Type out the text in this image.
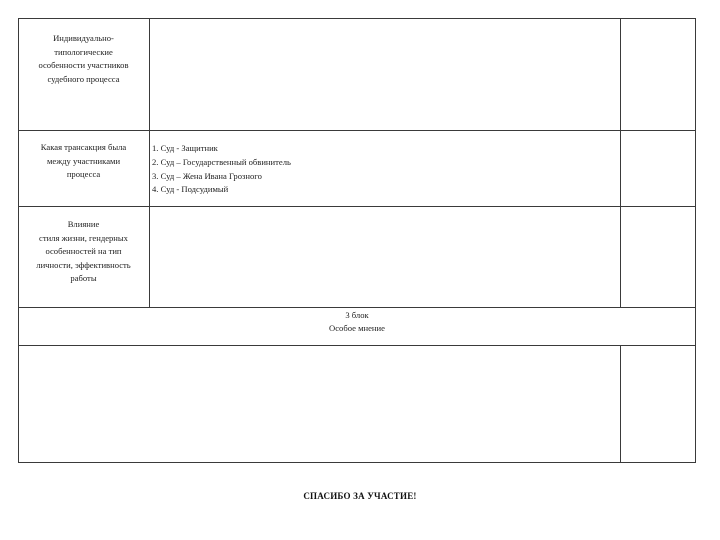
Индивидуально-
типологические
особенности участников
судебного процесса
Какая трансакция была
между участниками
процесса
1. Суд - Защитник
2. Суд – Государственный обвинитель
3. Суд – Жена Ивана Грозного
4. Суд - Подсудимый
Влияние
стиля жизни, гендерных
особенностей на тип
личности, эффективность
работы
3 блок
Особое мнение
СПАСИБО ЗА УЧАСТИЕ!
